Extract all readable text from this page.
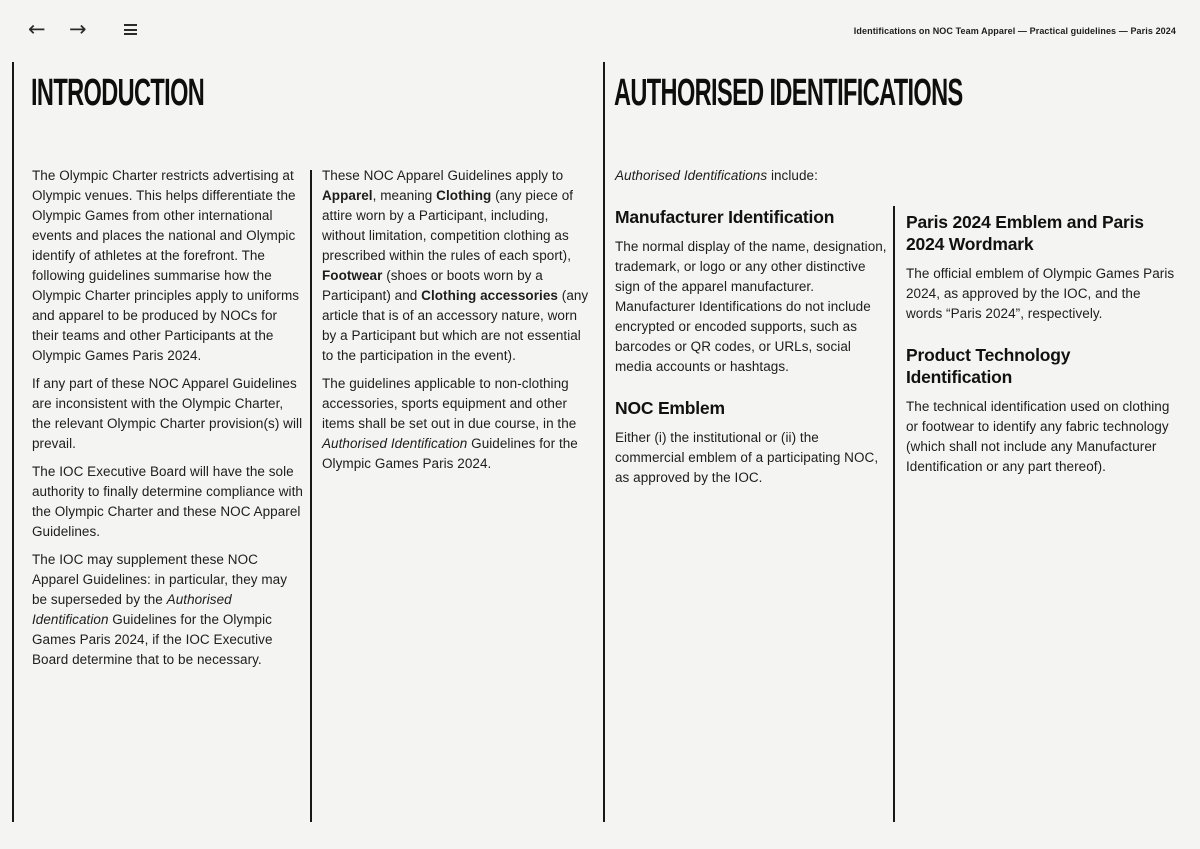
← →	Identifications on NOC Team Apparel — Practical guidelines — Paris 2024
INTRODUCTION

The Olympic Charter restricts advertising at Olympic venues. This helps differentiate the Olympic Games from other international events and places the national and Olympic identify of athletes at the forefront. The following guidelines summarise how the Olympic Charter principles apply to uniforms and apparel to be produced by NOCs for their teams and other Participants at the Olympic Games Paris 2024.

If any part of these NOC Apparel Guidelines are inconsistent with the Olympic Charter, the relevant Olympic Charter provision(s) will prevail.

The IOC Executive Board will have the sole authority to finally determine compliance with the Olympic Charter and these NOC Apparel Guidelines.

The IOC may supplement these NOC Apparel Guidelines: in particular, they may be superseded by the Authorised Identification Guidelines for the Olympic Games Paris 2024, if the IOC Executive Board determine that to be necessary.

These NOC Apparel Guidelines apply to Apparel, meaning Clothing (any piece of attire worn by a Participant, including, without limitation, competition clothing as prescribed within the rules of each sport), Footwear (shoes or boots worn by a Participant) and Clothing accessories (any article that is of an accessory nature, worn by a Participant but which are not essential to the participation in the event).

The guidelines applicable to non-clothing accessories, sports equipment and other items shall be set out in due course, in the Authorised Identification Guidelines for the Olympic Games Paris 2024.

AUTHORISED IDENTIFICATIONS

Authorised Identifications include:

Manufacturer Identification

The normal display of the name, designation, trademark, or logo or any other distinctive sign of the apparel manufacturer. Manufacturer Identifications do not include encrypted or encoded supports, such as barcodes or QR codes, or URLs, social media accounts or hashtags.

NOC Emblem

Either (i) the institutional or (ii) the commercial emblem of a participating NOC, as approved by the IOC.

Paris 2024 Emblem and Paris 2024 Wordmark

The official emblem of Olympic Games Paris 2024, as approved by the IOC, and the words “Paris 2024”, respectively.

Product Technology Identification

The technical identification used on clothing or footwear to identify any fabric technology (which shall not include any Manufacturer Identification or any part thereof).
